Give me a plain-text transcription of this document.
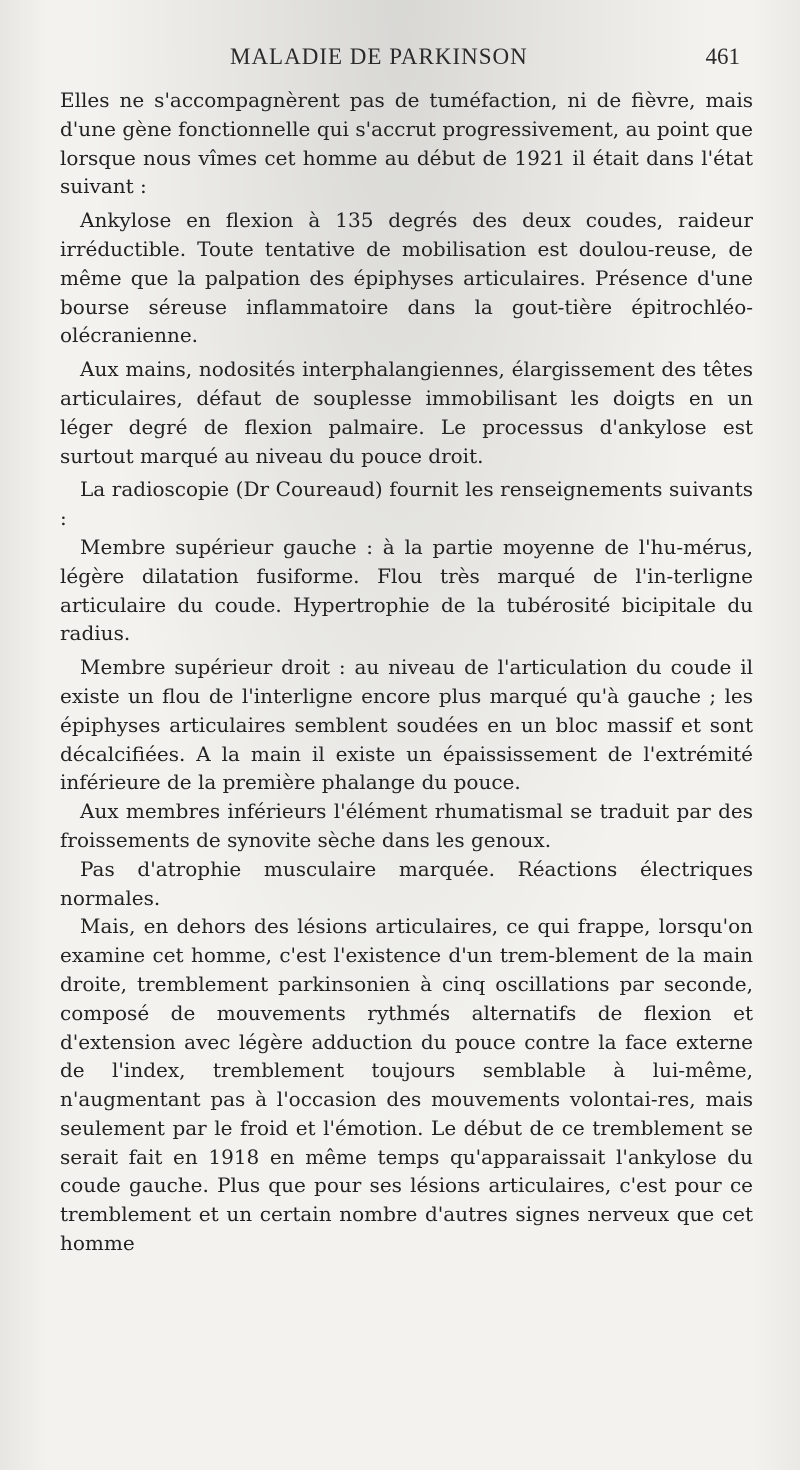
MALADIE DE PARKINSON	461

Elles ne s'accompagnèrent pas de tuméfaction, ni de fièvre, mais d'une gène fonctionnelle qui s'accrut progressivement, au point que lorsque nous vîmes cet homme au début de 1921 il était dans l'état suivant :

Ankylose en flexion à 135 degrés des deux coudes, raideur irréductible. Toute tentative de mobilisation est doulou-reuse, de même que la palpation des épiphyses articulaires. Présence d'une bourse séreuse inflammatoire dans la gout-tière épitrochléo-olécranienne.

Aux mains, nodosités interphalangiennes, élargissement des têtes articulaires, défaut de souplesse immobilisant les doigts en un léger degré de flexion palmaire. Le processus d'ankylose est surtout marqué au niveau du pouce droit.

La radioscopie (Dr Coureaud) fournit les renseignements suivants :

Membre supérieur gauche : à la partie moyenne de l'hu-mérus, légère dilatation fusiforme. Flou très marqué de l'in-terligne articulaire du coude. Hypertrophie de la tubérosité bicipitale du radius.

Membre supérieur droit : au niveau de l'articulation du coude il existe un flou de l'interligne encore plus marqué qu'à gauche ; les épiphyses articulaires semblent soudées en un bloc massif et sont décalcifiées. A la main il existe un épaississement de l'extrémité inférieure de la première phalange du pouce.

Aux membres inférieurs l'élément rhumatismal se traduit par des froissements de synovite sèche dans les genoux.

Pas d'atrophie musculaire marquée. Réactions électriques normales.

Mais, en dehors des lésions articulaires, ce qui frappe, lorsqu'on examine cet homme, c'est l'existence d'un trem-blement de la main droite, tremblement parkinsonien à cinq oscillations par seconde, composé de mouvements rythmés alternatifs de flexion et d'extension avec légère adduction du pouce contre la face externe de l'index, tremblement toujours semblable à lui-même, n'augmentant pas à l'occasion des mouvements volontai-res, mais seulement par le froid et l'émotion. Le début de ce tremblement se serait fait en 1918 en même temps qu'apparaissait l'ankylose du coude gauche. Plus que pour ses lésions articulaires, c'est pour ce tremblement et un certain nombre d'autres signes nerveux que cet homme
